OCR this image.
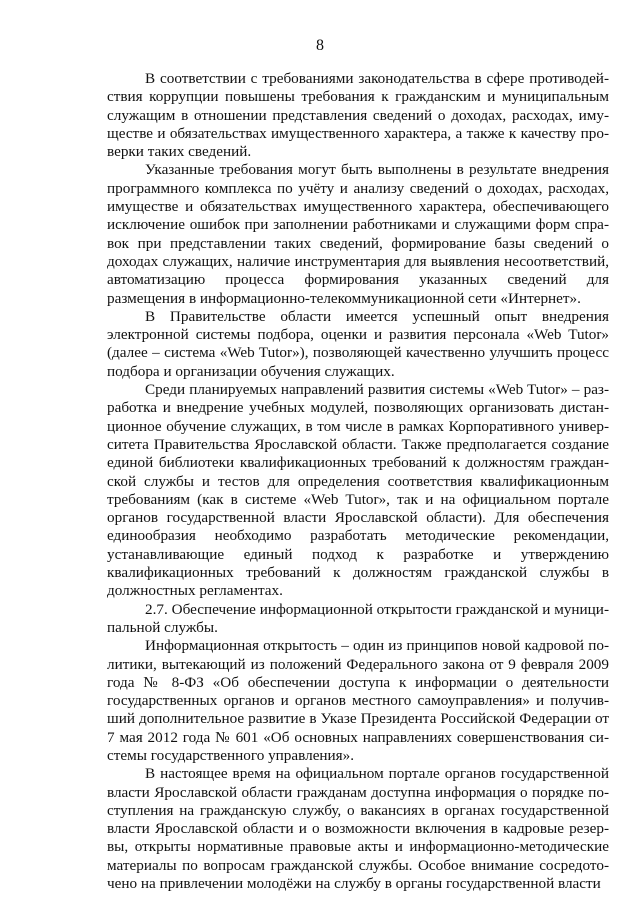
8

В соответствии с требованиями законодательства в сфере противодействия коррупции повышены требования к гражданским и муниципальным служащим в отношении представления сведений о доходах, расходах, имуществе и обязательствах имущественного характера, а также к качеству проверки таких сведений.

Указанные требования могут быть выполнены в результате внедрения программного комплекса по учёту и анализу сведений о доходах, расходах, имуществе и обязательствах имущественного характера, обеспечивающего исключение ошибок при заполнении работниками и служащими форм справок при представлении таких сведений, формирование базы сведений о доходах служащих, наличие инструментария для выявления несоответствий, автоматизацию процесса формирования указанных сведений для размещения в информационно-телекоммуникационной сети «Интернет».

В Правительстве области имеется успешный опыт внедрения электронной системы подбора, оценки и развития персонала «Web Tutor» (далее – система «Web Tutor»), позволяющей качественно улучшить процесс подбора и организации обучения служащих.

Среди планируемых направлений развития системы «Web Tutor» – разработка и внедрение учебных модулей, позволяющих организовать дистанционное обучение служащих, в том числе в рамках Корпоративного университета Правительства Ярославской области. Также предполагается создание единой библиотеки квалификационных требований к должностям гражданской службы и тестов для определения соответствия квалификационным требованиям (как в системе «Web Tutor», так и на официальном портале органов государственной власти Ярославской области). Для обеспечения единообразия необходимо разработать методические рекомендации, устанавливающие единый подход к разработке и утверждению квалификационных требований к должностям гражданской службы в должностных регламентах.

2.7. Обеспечение информационной открытости гражданской и муниципальной службы.

Информационная открытость – один из принципов новой кадровой политики, вытекающий из положений Федерального закона от 9 февраля 2009 года № 8-ФЗ «Об обеспечении доступа к информации о деятельности государственных органов и органов местного самоуправления» и получивший дополнительное развитие в Указе Президента Российской Федерации от 7 мая 2012 года № 601 «Об основных направлениях совершенствования системы государственного управления».

В настоящее время на официальном портале органов государственной власти Ярославской области гражданам доступна информация о порядке поступления на гражданскую службу, о вакансиях в органах государственной власти Ярославской области и о возможности включения в кадровые резервы, открыты нормативные правовые акты и информационно-методические материалы по вопросам гражданской службы. Особое внимание сосредоточено на привлечении молодёжи на службу в органы государственной власти
